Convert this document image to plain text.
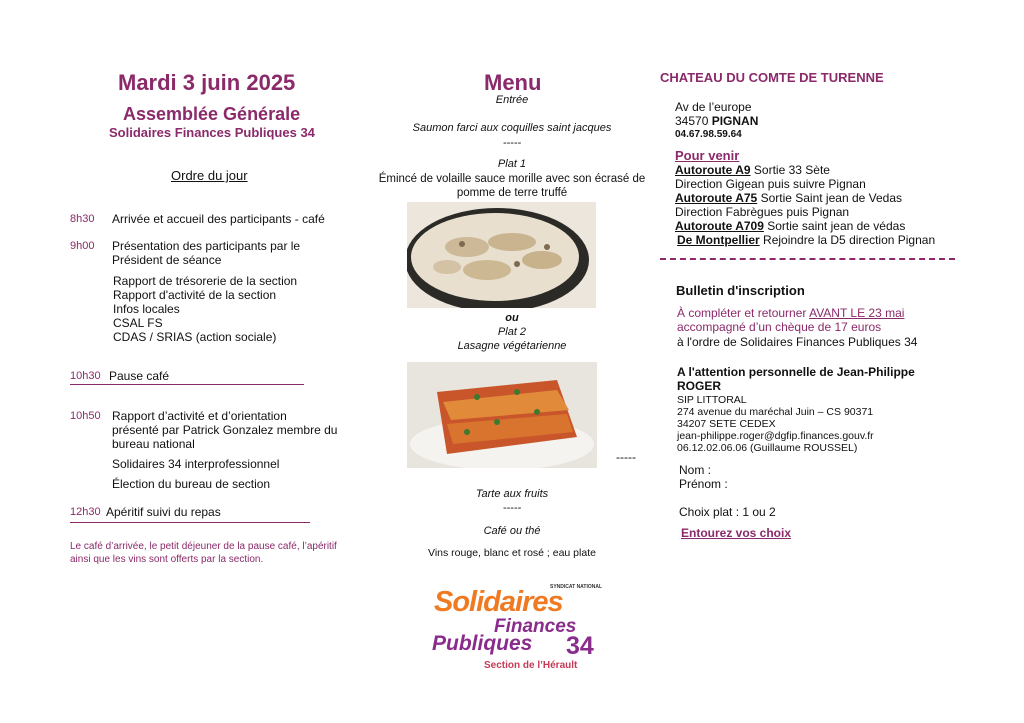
Mardi 3 juin 2025
Assemblée Générale
Solidaires Finances Publiques 34
Ordre du jour
8h30 Arrivée et accueil des participants - café
9h00 Présentation des participants par le
Président de séance
Rapport de trésorerie de la section
Rapport d'activité de la section
Infos locales
CSAL FS
CDAS / SRIAS (action sociale)
10h30 Pause café
10h50 Rapport d’activité et d’orientation
présenté par Patrick Gonzalez membre du
bureau national
Solidaires 34 interprofessionnel
Élection du bureau de section
12h30 Apéritif suivi du repas
Le café d’arrivée, le petit déjeuner de la pause café, l’apéritif
ainsi que les vins sont offerts par la section.
Menu
Entrée
Saumon farci aux coquilles saint jacques
-----
Plat 1
Émincé de volaille sauce morille avec son écrasé de
pomme de terre truffé
ou
Plat 2
Lasagne végétarienne
-----
Tarte aux fruits
-----
Café ou thé
Vins rouge, blanc et rosé ; eau plate
SYNDICAT NATIONAL
Solidaires
Finances
Publiques 34
Section de l’Hérault
CHATEAU DU COMTE DE TURENNE
Av de l’europe
34570 PIGNAN
04.67.98.59.64
Pour venir
Autoroute A9 Sortie 33 Sète
Direction Gigean puis suivre Pignan
Autoroute A75 Sortie Saint jean de Vedas
Direction Fabrègues puis Pignan
Autoroute A709 Sortie saint jean de védas
De Montpellier Rejoindre la D5 direction Pignan
Bulletin d'inscription
À compléter et retourner AVANT LE 23 mai
accompagné d’un chèque de 17 euros
à l'ordre de Solidaires Finances Publiques 34
A l'attention personnelle de Jean-Philippe
ROGER
SIP LITTORAL
274 avenue du maréchal Juin – CS 90371
34207 SETE CEDEX
jean-philippe.roger@dgfip.finances.gouv.fr
06.12.02.06.06 (Guillaume ROUSSEL)
Nom :
Prénom :
Choix plat : 1 ou 2
Entourez vos choix
